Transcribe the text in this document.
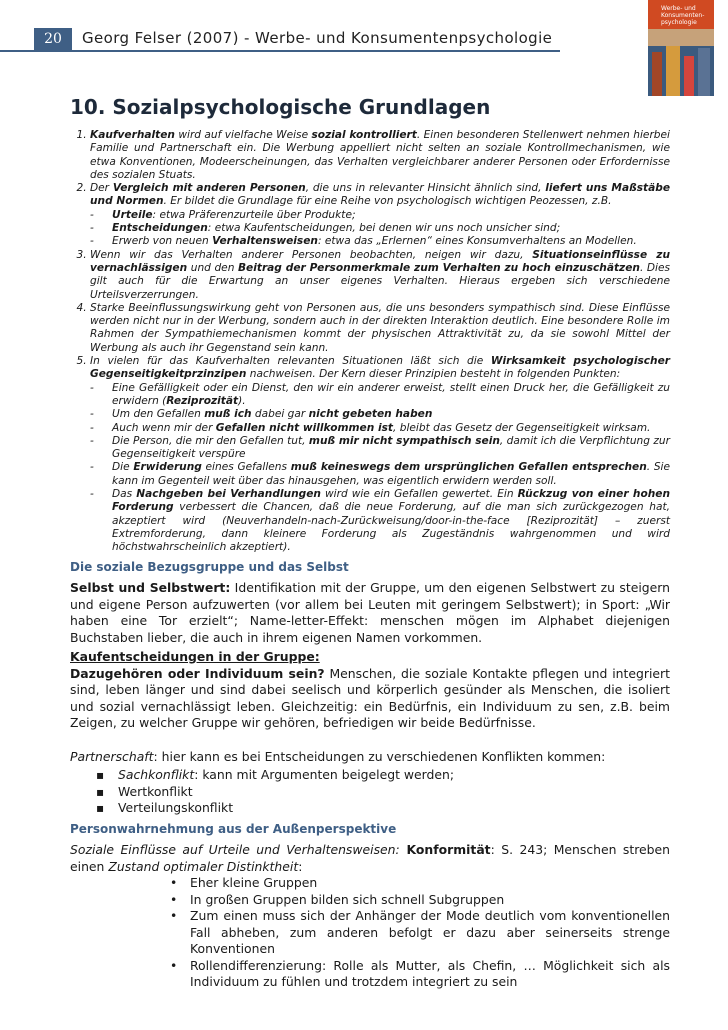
20	Georg Felser (2007) - Werbe- und Konsumentenpsychologie
Werbe- und
Konsumenten-
psychologie
10. Sozialpsychologische Grundlagen
1. Kaufverhalten wird auf vielfache Weise sozial kontrolliert. Einen besonderen Stellenwert nehmen hierbei Familie und Partnerschaft ein. Die Werbung appelliert nicht selten an soziale Kontrollmechanismen, wie etwa Konventionen, Modeerscheinungen, das Verhalten vergleichbarer anderer Personen oder Erfordernisse des sozialen Stuats.
2. Der Vergleich mit anderen Personen, die uns in relevanter Hinsicht ähnlich sind, liefert uns Maßstäbe und Normen. Er bildet die Grundlage für eine Reihe von psychologisch wichtigen Peozessen, z.B.
- Urteile: etwa Präferenzurteile über Produkte;
- Entscheidungen: etwa Kaufentscheidungen, bei denen wir uns noch unsicher sind;
- Erwerb von neuen Verhaltensweisen: etwa das „Erlernen“ eines Konsumverhaltens an Modellen.
3. Wenn wir das Verhalten anderer Personen beobachten, neigen wir dazu, Situationseinflüsse zu vernachlässigen und den Beitrag der Personmerkmale zum Verhalten zu hoch einzuschätzen. Dies gilt auch für die Erwartung an unser eigenes Verhalten. Hieraus ergeben sich verschiedene Urteilsverzerrungen.
4. Starke Beeinflussungswirkung geht von Personen aus, die uns besonders sympathisch sind. Diese Einflüsse werden nicht nur in der Werbung, sondern auch in der direkten Interaktion deutlich. Eine besondere Rolle im Rahmen der Sympathiemechanismen kommt der physischen Attraktivität zu, da sie sowohl Mittel der Werbung als auch ihr Gegenstand sein kann.
5. In vielen für das Kaufverhalten relevanten Situationen läßt sich die Wirksamkeit psychologischer Gegenseitigkeitprzinzipen nachweisen. Der Kern dieser Prinzipien besteht in folgenden Punkten:
- Eine Gefälligkeit oder ein Dienst, den wir ein anderer erweist, stellt einen Druck her, die Gefälligkeit zu erwidern (Reziprozität).
- Um den Gefallen muß ich dabei gar nicht gebeten haben
- Auch wenn mir der Gefallen nicht willkommen ist, bleibt das Gesetz der Gegenseitigkeit wirksam.
- Die Person, die mir den Gefallen tut, muß mir nicht sympathisch sein, damit ich die Verpflichtung zur Gegenseitigkeit verspüre
- Die Erwiderung eines Gefallens muß keineswegs dem ursprünglichen Gefallen entsprechen. Sie kann im Gegenteil weit über das hinausgehen, was eigentlich erwidern werden soll.
- Das Nachgeben bei Verhandlungen wird wie ein Gefallen gewertet. Ein Rückzug von einer hohen Forderung verbessert die Chancen, daß die neue Forderung, auf die man sich zurückgezogen hat, akzeptiert wird (Neuverhandeln-nach-Zurückweisung/door-in-the-face [Reziprozität] – zuerst Extremforderung, dann kleinere Forderung als Zugeständnis wahrgenommen und wird höchstwahrscheinlich akzeptiert).
Die soziale Bezugsgruppe und das Selbst

Selbst und Selbstwert: Identifikation mit der Gruppe, um den eigenen Selbstwert zu steigern und eigene Person aufzuwerten (vor allem bei Leuten mit geringem Selbstwert); in Sport: „Wir haben eine Tor erzielt“; Name-letter-Effekt: menschen mögen im Alphabet diejenigen Buchstaben lieber, die auch in ihrem eigenen Namen vorkommen.

Kaufentscheidungen in der Gruppe:

Dazugehören oder Individuum sein? Menschen, die soziale Kontakte pflegen und integriert sind, leben länger und sind dabei seelisch und körperlich gesünder als Menschen, die isoliert und sozial vernachlässigt leben. Gleichzeitig: ein Bedürfnis, ein Individuum zu sen, z.B. beim Zeigen, zu welcher Gruppe wir gehören, befriedigen wir beide Bedürfnisse.

Partnerschaft: hier kann es bei Entscheidungen zu verschiedenen Konflikten kommen:

▪ Sachkonflikt: kann mit Argumenten beigelegt werden;
▪ Wertkonflikt
▪ Verteilungskonflikt
Personwahrnehmung aus der Außenperspektive

Soziale Einflüsse auf Urteile und Verhaltensweisen: Konformität: S. 243; Menschen streben einen Zustand optimaler Distinktheit:

• Eher kleine Gruppen
• In großen Gruppen bilden sich schnell Subgruppen
• Zum einen muss sich der Anhänger der Mode deutlich vom konventionellen Fall abheben, zum anderen befolgt er dazu aber seinerseits strenge Konventionen
• Rollendifferenzierung: Rolle als Mutter, als Chefin, … Möglichkeit sich als Individuum zu fühlen und trotzdem integriert zu sein
